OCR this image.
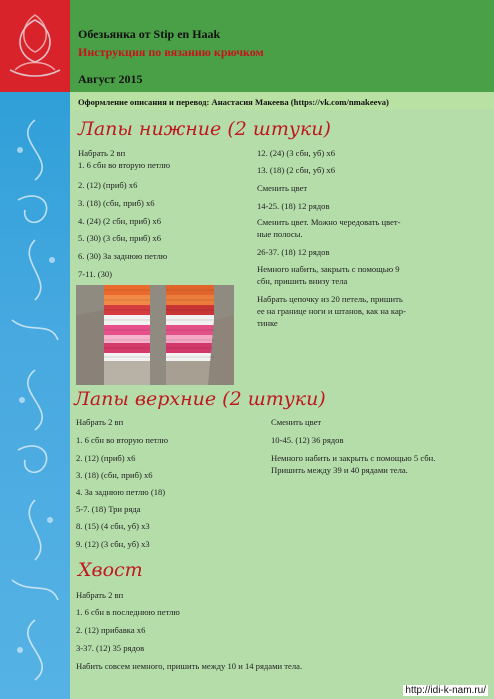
Обезьянка от Stip en Haak
Инструкция по вязанию крючком
Август 2015
Оформление описания и перевод: Анастасия Макеева (https://vk.com/nmakeeva)
Лапы нижние (2 штуки)
Набрать 2 вп
1. 6 сбн во вторую петлю
2. (12) (приб) х6
3. (18) (сбн, приб) х6
4. (24) (2 сбн, приб) х6
5. (30) (3 сбн, приб) х6
6. (30) За заднюю петлю
7-11. (30)
12. (24) (3 сбн, уб) х6
13. (18) (2 сбн, уб) х6
Сменить цвет
14-25. (18) 12 рядов
Сменить цвет. Можно чередовать цвет-
ные полосы.
26-37. (18) 12 рядов
Немного набить, закрыть с помощью 9
сбн, пришить внизу тела
Набрать цепочку из 20 петель, пришить
ее на границе ноги и штанов, как на кар-
тинке
Лапы верхние (2 штуки)
Набрать 2 вп
1. 6 сбн во вторую петлю
2. (12) (приб) х6
3. (18) (сбн, приб) х6
4. За заднюю петлю (18)
5-7. (18) Три ряда
8. (15) (4 сбн, уб) х3
9. (12) (3 сбн, уб) х3
Сменить цвет
10-45. (12) 36 рядов
Немного набить и закрыть с помощью 5 сбн.
Пришить между 39 и 40 рядами тела.
Хвост
Набрать 2 вп
1. 6 сбн в последнюю петлю
2. (12) прибавка х6
3-37. (12) 35 рядов
Набить совсем немного, пришить между 10 и 14 рядами тела.
http://idi-k-nam.ru/
